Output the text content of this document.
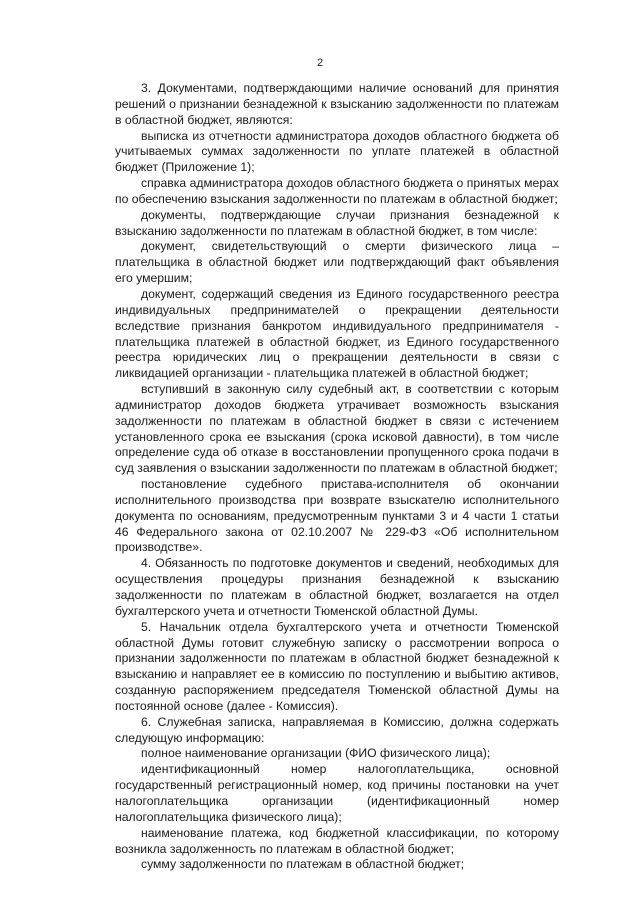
2

3. Документами, подтверждающими наличие оснований для принятия решений о признании безнадежной к взысканию задолженности по платежам в областной бюджет, являются:

выписка из отчетности администратора доходов областного бюджета об учитываемых суммах задолженности по уплате платежей в областной бюджет (Приложение 1);

справка администратора доходов областного бюджета о принятых мерах по обеспечению взыскания задолженности по платежам в областной бюджет;

документы, подтверждающие случаи признания безнадежной к взысканию задолженности по платежам в областной бюджет, в том числе:

документ, свидетельствующий о смерти физического лица – плательщика в областной бюджет или подтверждающий факт объявления его умершим;

документ, содержащий сведения из Единого государственного реестра индивидуальных предпринимателей о прекращении деятельности вследствие признания банкротом индивидуального предпринимателя - плательщика платежей в областной бюджет, из Единого государственного реестра юридических лиц о прекращении деятельности в связи с ликвидацией организации - плательщика платежей в областной бюджет;

вступивший в законную силу судебный акт, в соответствии с которым администратор доходов бюджета утрачивает возможность взыскания задолженности по платежам в областной бюджет в связи с истечением установленного срока ее взыскания (срока исковой давности), в том числе определение суда об отказе в восстановлении пропущенного срока подачи в суд заявления о взыскании задолженности по платежам в областной бюджет;

постановление судебного пристава-исполнителя об окончании исполнительного производства при возврате взыскателю исполнительного документа по основаниям, предусмотренным пунктами 3 и 4 части 1 статьи 46 Федерального закона от 02.10.2007 № 229-ФЗ «Об исполнительном производстве».

4. Обязанность по подготовке документов и сведений, необходимых для осуществления процедуры признания безнадежной к взысканию задолженности по платежам в областной бюджет, возлагается на отдел бухгалтерского учета и отчетности Тюменской областной Думы.

5. Начальник отдела бухгалтерского учета и отчетности Тюменской областной Думы готовит служебную записку о рассмотрении вопроса о признании задолженности по платежам в областной бюджет безнадежной к взысканию и направляет ее в комиссию по поступлению и выбытию активов, созданную распоряжением председателя Тюменской областной Думы на постоянной основе (далее - Комиссия).

6. Служебная записка, направляемая в Комиссию, должна содержать следующую информацию:

полное наименование организации (ФИО физического лица);

идентификационный номер налогоплательщика, основной государственный регистрационный номер, код причины постановки на учет налогоплательщика организации (идентификационный номер налогоплательщика физического лица);

наименование платежа, код бюджетной классификации, по которому возникла задолженность по платежам в областной бюджет;

сумму задолженности по платежам в областной бюджет;
